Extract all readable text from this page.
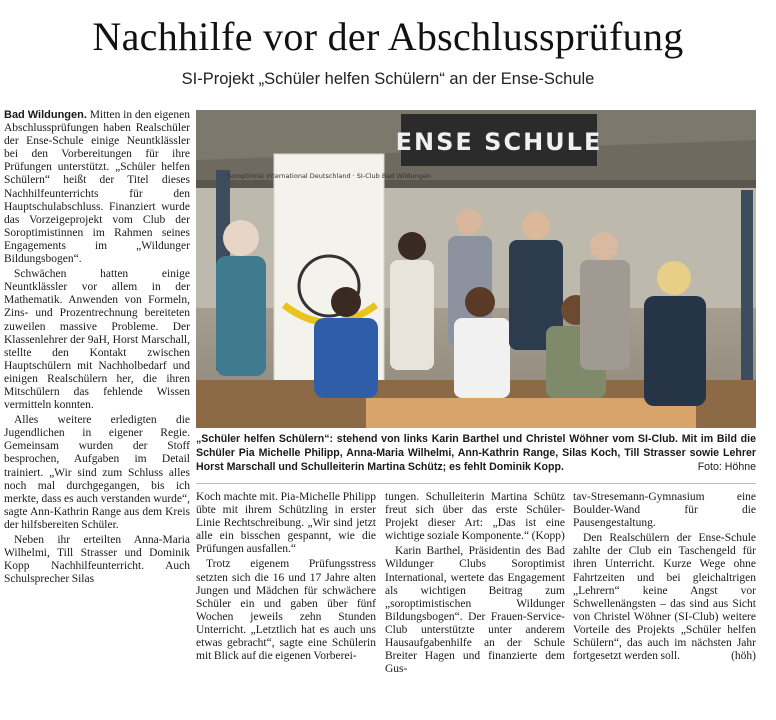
Nachhilfe vor der Abschlussprüfung
SI-Projekt „Schüler helfen Schülern“ an der Ense-Schule

Bad Wildungen. Mitten in den eigenen Abschlussprüfungen haben Realschüler der Ense-Schule einige Neuntklässler bei den Vorbereitungen für ihre Prüfungen unterstützt. „Schüler helfen Schülern“ heißt der Titel dieses Nachhilfeunterrichts für den Hauptschulabschluss. Finanziert wurde das Vorzeigeprojekt vom Club der Soroptimistinnen im Rahmen seines Engagements im „Wildunger Bildungsbogen“.

Schwächen hatten einige Neuntklässler vor allem in der Mathematik. Anwenden von Formeln, Zins- und Prozentrechnung bereiteten zuweilen massive Probleme. Der Klassenlehrer der 9aH, Horst Marschall, stellte den Kontakt zwischen Hauptschülern mit Nachholbedarf und einigen Realschülern her, die ihren Mitschülern das fehlende Wissen vermitteln konnten.

Alles weitere erledigten die Jugendlichen in eigener Regie. Gemeinsam wurden der Stoff besprochen, Aufgaben im Detail trainiert. „Wir sind zum Schluss alles noch mal durchgegangen, bis ich merkte, dass es auch verstanden wurde“, sagte Ann-Kathrin Range aus dem Kreis der hilfsbereiten Schüler.

Neben ihr erteilten Anna-Maria Wilhelmi, Till Strasser und Dominik Kopp Nachhilfeunterricht. Auch Schulsprecher Silas

ENSE SCHULE
Soroptimist International Deutschland · SI-Club Bad Wildungen
„Schüler helfen Schülern“: stehend von links Karin Barthel und Christel Wöhner vom SI-Club. Mit im Bild die Schüler Pia Michelle Philipp, Anna-Maria Wilhelmi, Ann-Kathrin Range, Silas Koch, Till Strasser sowie Lehrer Horst Marschall und Schulleiterin Martina Schütz; es fehlt Dominik Kopp.	Foto: Höhne

Koch machte mit. Pia-Michelle Philipp übte mit ihrem Schützling in erster Linie Rechtschreibung. „Wir sind jetzt alle ein bisschen gespannt, wie die Prüfungen ausfallen.“

Trotz eigenem Prüfungsstress setzten sich die 16 und 17 Jahre alten Jungen und Mädchen für schwächere Schüler ein und gaben über fünf Wochen jeweils zehn Stunden Unterricht. „Letztlich hat es auch uns etwas gebracht“, sagte eine Schülerin mit Blick auf die eigenen Vorberei-

tungen. Schulleiterin Martina Schütz freut sich über das erste Schüler-Projekt dieser Art: „Das ist eine wichtige soziale Komponente.“ (Kopp)

Karin Barthel, Präsidentin des Bad Wildunger Clubs Soroptimist International, wertete das Engagement als wichtigen Beitrag zum „soroptimistischen Wildunger Bildungsbogen“. Der Frauen-Service-Club unterstützte unter anderem Hausaufgabenhilfe an der Schule Breiter Hagen und finanzierte dem Gus-

tav-Stresemann-Gymnasium eine Boulder-Wand für die Pausengestaltung.

Den Realschülern der Ense-Schule zahlte der Club ein Taschengeld für ihren Unterricht. Kurze Wege ohne Fahrtzeiten und bei gleichaltrigen „Lehrern“ keine Angst vor Schwellenängsten – das sind aus Sicht von Christel Wöhner (SI-Club) weitere Vorteile des Projekts „Schüler helfen Schülern“, das auch im nächsten Jahr fortgesetzt werden soll.	(höh)
